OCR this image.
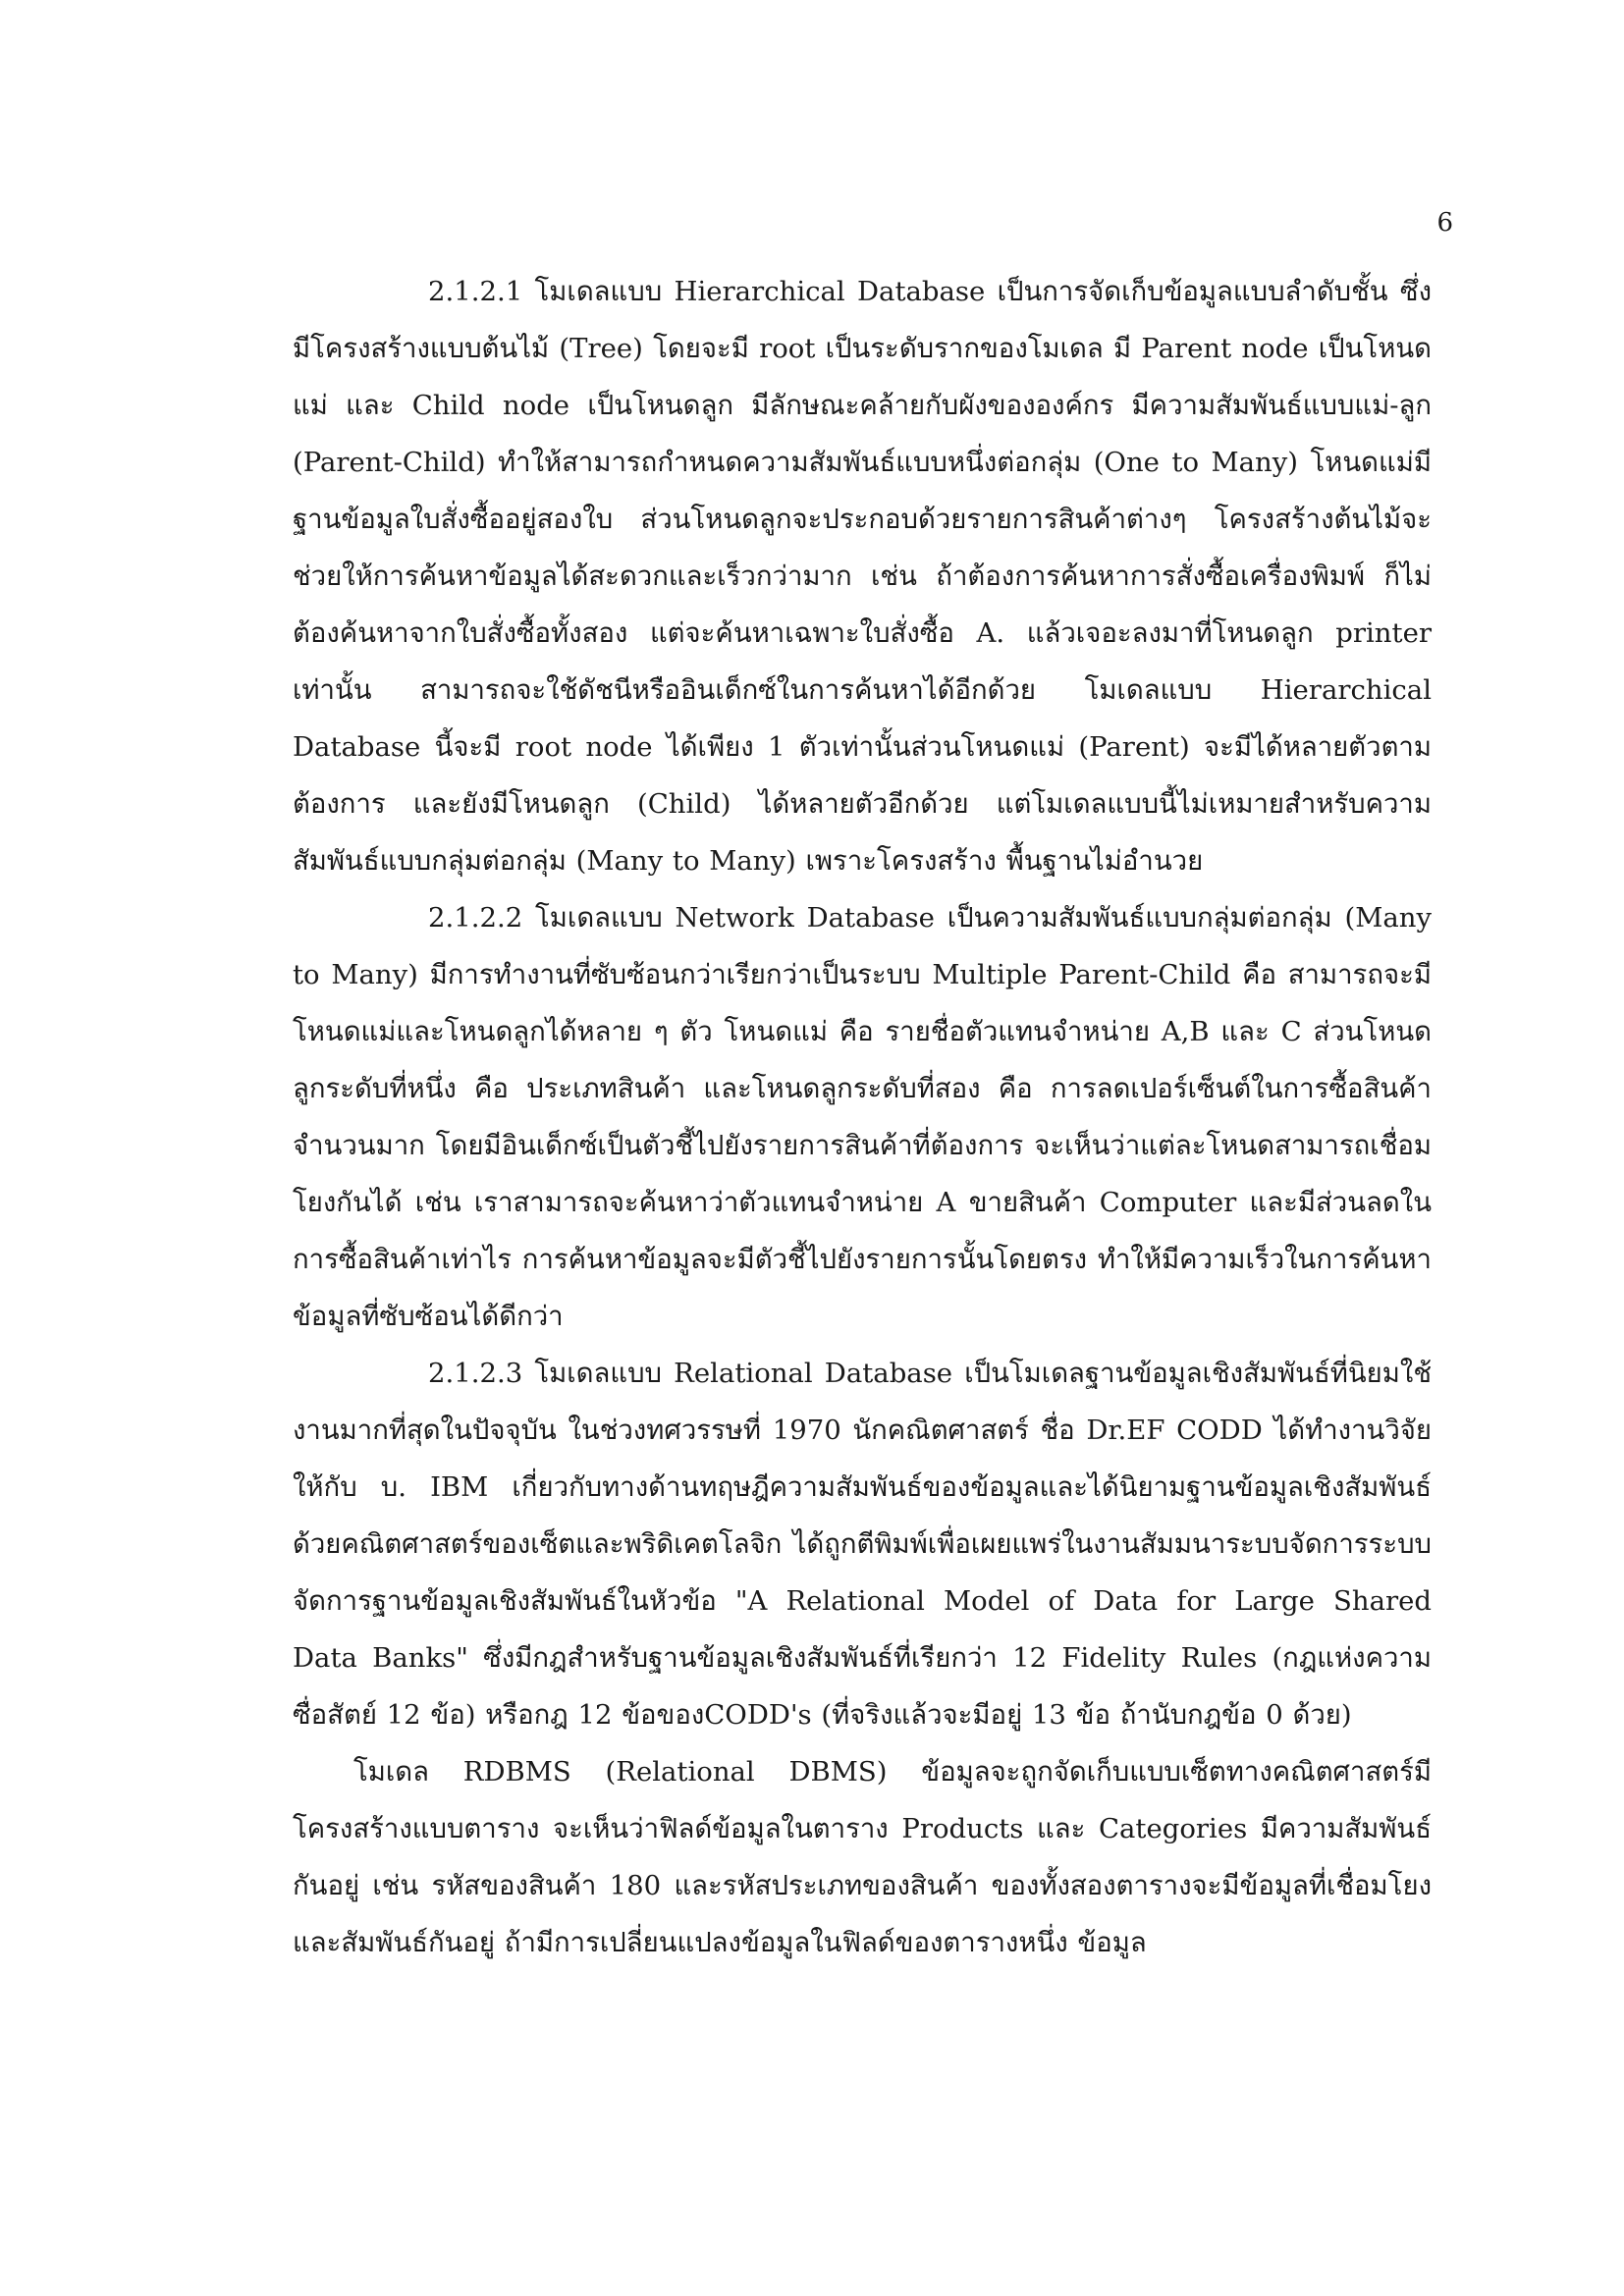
6

2.1.2.1 โมเดลแบบ Hierarchical Database เป็นการจัดเก็บข้อมูลแบบลำดับชั้น ซึ่งมีโครงสร้างแบบต้นไม้ (Tree) โดยจะมี root เป็นระดับรากของโมเดล มี Parent node เป็นโหนดแม่ และ Child node เป็นโหนดลูก มีลักษณะคล้ายกับผังขององค์กร มีความสัมพันธ์แบบแม่-ลูก (Parent-Child) ทำให้สามารถกำหนดความสัมพันธ์แบบหนึ่งต่อกลุ่ม (One to Many) โหนดแม่มีฐานข้อมูลใบสั่งซื้ออยู่สองใบ ส่วนโหนดลูกจะประกอบด้วยรายการสินค้าต่างๆ โครงสร้างต้นไม้จะช่วยให้การค้นหาข้อมูลได้สะดวกและเร็วกว่ามาก เช่น ถ้าต้องการค้นหาการสั่งซื้อเครื่องพิมพ์ ก็ไม่ต้องค้นหาจากใบสั่งซื้อทั้งสอง แต่จะค้นหาเฉพาะใบสั่งซื้อ A. แล้วเจอะลงมาที่โหนดลูก printer เท่านั้น สามารถจะใช้ดัชนีหรืออินเด็กซ์ในการค้นหาได้อีกด้วย โมเดลแบบ Hierarchical Database นี้จะมี root node ได้เพียง 1 ตัวเท่านั้นส่วนโหนดแม่ (Parent) จะมีได้หลายตัวตามต้องการ และยังมีโหนดลูก (Child) ได้หลายตัวอีกด้วย แต่โมเดลแบบนี้ไม่เหมายสำหรับความสัมพันธ์แบบกลุ่มต่อกลุ่ม (Many to Many) เพราะโครงสร้าง พื้นฐานไม่อำนวย

2.1.2.2 โมเดลแบบ Network Database เป็นความสัมพันธ์แบบกลุ่มต่อกลุ่ม (Many to Many) มีการทำงานที่ซับซ้อนกว่าเรียกว่าเป็นระบบ Multiple Parent-Child คือ สามารถจะมีโหนดแม่และโหนดลูกได้หลาย ๆ ตัว โหนดแม่ คือ รายชื่อตัวแทนจำหน่าย A,B และ C ส่วนโหนดลูกระดับที่หนึ่ง คือ ประเภทสินค้า และโหนดลูกระดับที่สอง คือ การลดเปอร์เซ็นต์ในการซื้อสินค้าจำนวนมาก โดยมีอินเด็กซ์เป็นตัวชี้ไปยังรายการสินค้าที่ต้องการ จะเห็นว่าแต่ละโหนดสามารถเชื่อมโยงกันได้ เช่น เราสามารถจะค้นหาว่าตัวแทนจำหน่าย A ขายสินค้า Computer และมีส่วนลดในการซื้อสินค้าเท่าไร การค้นหาข้อมูลจะมีตัวชี้ไปยังรายการนั้นโดยตรง ทำให้มีความเร็วในการค้นหาข้อมูลที่ซับซ้อนได้ดีกว่า

2.1.2.3 โมเดลแบบ Relational Database เป็นโมเดลฐานข้อมูลเชิงสัมพันธ์ที่นิยมใช้งานมากที่สุดในปัจจุบัน ในช่วงทศวรรษที่ 1970 นักคณิตศาสตร์ ชื่อ Dr.EF CODD ได้ทำงานวิจัยให้กับ บ. IBM เกี่ยวกับทางด้านทฤษฎีความสัมพันธ์ของข้อมูลและได้นิยามฐานข้อมูลเชิงสัมพันธ์ด้วยคณิตศาสตร์ของเซ็ตและพริดิเคตโลจิก ได้ถูกตีพิมพ์เพื่อเผยแพร่ในงานสัมมนาระบบจัดการระบบจัดการฐานข้อมูลเชิงสัมพันธ์ในหัวข้อ "A Relational Model of Data for Large Shared Data Banks" ซึ่งมีกฎสำหรับฐานข้อมูลเชิงสัมพันธ์ที่เรียกว่า 12 Fidelity Rules (กฎแห่งความซื่อสัตย์ 12 ข้อ) หรือกฎ 12 ข้อของCODD's (ที่จริงแล้วจะมีอยู่ 13 ข้อ ถ้านับกฎข้อ 0 ด้วย)

โมเดล RDBMS (Relational DBMS) ข้อมูลจะถูกจัดเก็บแบบเซ็ตทางคณิตศาสตร์มีโครงสร้างแบบตาราง จะเห็นว่าฟิลด์ข้อมูลในตาราง Products และ Categories มีความสัมพันธ์กันอยู่ เช่น รหัสของสินค้า 180 และรหัสประเภทของสินค้า ของทั้งสองตารางจะมีข้อมูลที่เชื่อมโยงและสัมพันธ์กันอยู่ ถ้ามีการเปลี่ยนแปลงข้อมูลในฟิลด์ของตารางหนึ่ง ข้อมูล
